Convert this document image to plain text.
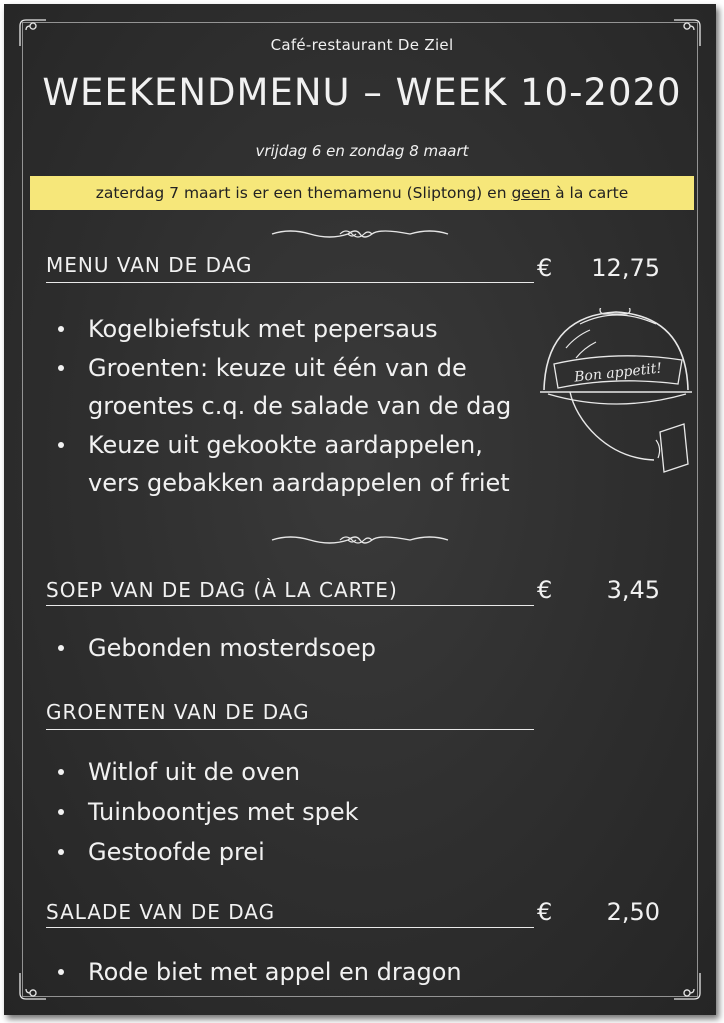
Café-restaurant De Ziel
WEEKENDMENU – WEEK 10-2020
vrijdag 6 en zondag 8 maart
zaterdag 7 maart is er een themamenu (Sliptong) en geen à la carte
MENU VAN DE DAG	€	12,75
Kogelbiefstuk met pepersaus
Groenten: keuze uit één van de groentes c.q. de salade van de dag
Keuze uit gekookte aardappelen, vers gebakken aardappelen of friet
Bon appetit!
SOEP VAN DE DAG (À LA CARTE)	€	3,45
Gebonden mosterdsoep
GROENTEN VAN DE DAG
Witlof uit de oven
Tuinboontjes met spek
Gestoofde prei
SALADE VAN DE DAG	€	2,50
Rode biet met appel en dragon
